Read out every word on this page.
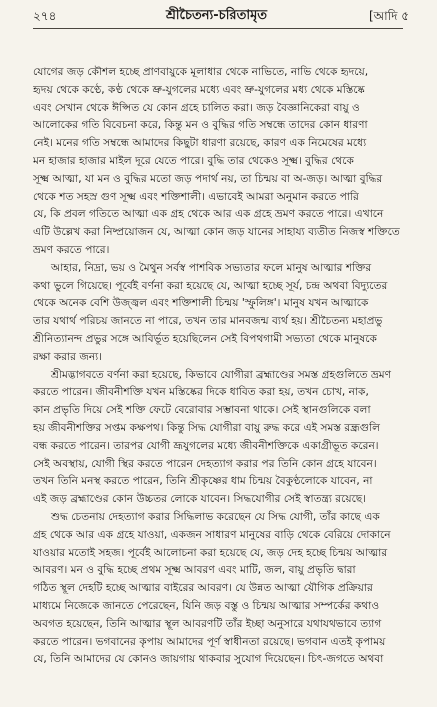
২৭৪	শ্রীচৈতন্য-চরিতামৃত	[আদি ৫

যোগের জড় কৌশল হচ্ছে প্রাণবায়ুকে মূলাধার থেকে নাভিতে, নাভি থেকে হৃদয়ে,

হৃদয় থেকে কণ্ঠে, কণ্ঠ থেকে ভ্রু-যুগলের মধ্যে এবং ভ্রু-যুগলের মধ্য থেকে মস্তিষ্কে

এবং সেখান থেকে ঈপ্সিত যে কোন গ্রহে চালিত করা। জড় বৈজ্ঞানিকেরা বায়ু ও

আলোকের গতি বিবেচনা করে, কিন্তু মন ও বুদ্ধির গতি সম্বন্ধে তাদের কোন ধারণা

নেই। মনের গতি সম্বন্ধে আমাদের কিছুটা ধারণা রয়েছে, কারণ এক নিমেষের মধ্যে

মন হাজার হাজার মাইল দূরে যেতে পারে। বুদ্ধি তার থেকেও সূক্ষ্ম। বুদ্ধির থেকে

সূক্ষ্ম আত্মা, যা মন ও বুদ্ধির মতো জড় পদার্থ নয়, তা চিন্ময় বা অ-জড়। আত্মা বুদ্ধির

থেকে শত সহস্র গুণ সূক্ষ্ম এবং শক্তিশালী। এভাবেই আমরা অনুমান করতে পারি

যে, কি প্রবল গতিতে আত্মা এক গ্রহ থেকে আর এক গ্রহে ভ্রমণ করতে পারে। এখানে

এটি উল্লেখ করা নিষ্প্রয়োজন যে, আত্মা কোন জড় যানের সাহায্য ব্যতীত নিজস্ব শক্তিতে

ভ্রমণ করতে পারে।

আহার, নিদ্রা, ভয় ও মৈথুন সর্বস্ব পাশবিক সভ্যতার ফলে মানুষ আত্মার শক্তির

কথা ভুলে গিয়েছে। পূর্বেই বর্ণনা করা হয়েছে যে, আত্মা হচ্ছে সূর্য, চন্দ্র অথবা বিদ্যুতের

থেকে অনেক বেশি উজ্জ্বল এবং শক্তিশালী চিন্ময় 'স্ফুলিঙ্গ'। মানুষ যখন আত্মাকে

তার যথার্থ পরিচয় জানতে না পারে, তখন তার মানবজন্ম ব্যর্থ হয়। শ্রীচৈতন্য মহাপ্রভু

শ্রীনিত্যানন্দ প্রভুর সঙ্গে আবির্ভূত হয়েছিলেন সেই বিপথগামী সভ্যতা থেকে মানুষকে

রক্ষা করার জন্য।

শ্রীমদ্ভাগবতে বর্ণনা করা হয়েছে, কিভাবে যোগীরা ব্রহ্মাণ্ডের সমস্ত গ্রহগুলিতে ভ্রমণ

করতে পারেন। জীবনীশক্তি যখন মস্তিষ্কের দিকে ধাবিত করা হয়, তখন চোখ, নাক,

কান প্রভৃতি দিয়ে সেই শক্তি ফেটে বেরোবার সম্ভাবনা থাকে। সেই স্থানগুলিকে বলা

হয় জীবনীশক্তির সপ্তম কক্ষপথ। কিন্তু সিদ্ধ যোগীরা বায়ু রুদ্ধ করে এই সমস্ত রন্ধ্রগুলি

বন্ধ করতে পারেন। তারপর যোগী ভ্রূযুগলের মধ্যে জীবনীশক্তিকে একাগ্রীভূত করেন।

সেই অবস্থায়, যোগী স্থির করতে পারেন দেহত্যাগ করার পর তিনি কোন গ্রহে যাবেন।

তখন তিনি মনস্থ করতে পারেন, তিনি শ্রীকৃষ্ণের ধাম চিন্ময় বৈকুণ্ঠলোকে যাবেন, না

এই জড় ব্রহ্মাণ্ডের কোন উচ্চতর লোকে যাবেন। সিদ্ধযোগীর সেই স্বাতন্ত্র্য রয়েছে।

শুদ্ধ চেতনায় দেহত্যাগ করার সিদ্ধিলাভ করেছেন যে সিদ্ধ যোগী, তাঁর কাছে এক

গ্রহ থেকে আর এক গ্রহে যাওয়া, একজন সাধারণ মানুষের বাড়ি থেকে বেরিয়ে দোকানে

যাওয়ার মতোই সহজ। পূর্বেই আলোচনা করা হয়েছে যে, জড় দেহ হচ্ছে চিন্ময় আত্মার

আবরণ। মন ও বুদ্ধি হচ্ছে প্রথম সূক্ষ্ম আবরণ এবং মাটি, জল, বায়ু প্রভৃতি দ্বারা

গঠিত স্থূল দেহটি হচ্ছে আত্মার বাইরের আবরণ। যে উন্নত আত্মা যৌগিক প্রক্রিয়ার

মাধ্যমে নিজেকে জানতে পেরেছেন, যিনি জড় বস্তু ও চিন্ময় আত্মার সম্পর্কের কথাও

অবগত হয়েছেন, তিনি আত্মার স্থূল আবরণটি তাঁর ইচ্ছা অনুসারে যথাযথভাবে ত্যাগ

করতে পারেন। ভগবানের কৃপায় আমাদের পূর্ণ স্বাধীনতা রয়েছে। ভগবান এতই কৃপাময়

যে, তিনি আমাদের যে কোনও জায়গায় থাকবার সুযোগ দিয়েছেন। চিৎ-জগতে অথবা
